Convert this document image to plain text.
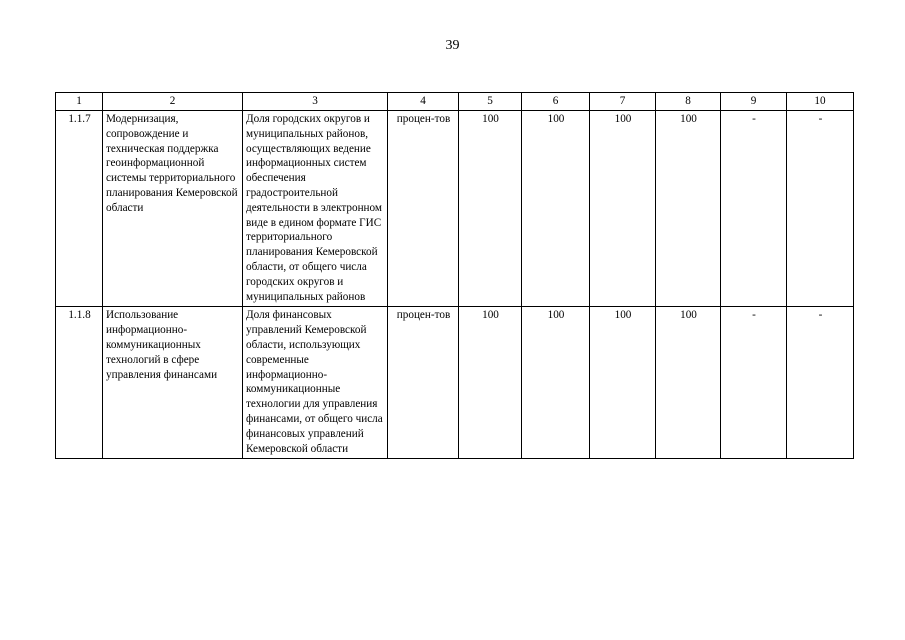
39
1	2	3	4	5	6	7	8	9	10
1.1.7	Модернизация, сопровождение и техническая поддержка геоинформационной системы территориального планирования Кемеровской области	Доля городских округов и муниципальных районов, осуществляющих ведение информационных систем обеспечения градостроительной деятельности в электронном виде в едином формате ГИС территориального планирования Кемеровской области, от общего числа городских округов и муниципальных районов	процен-тов	100	100	100	100	-	-
1.1.8	Использование информационно-коммуникационных технологий в сфере управления финансами	Доля финансовых управлений Кемеровской области, использующих современные информационно-коммуникационные технологии для управления финансами, от общего числа финансовых управлений Кемеровской области	процен-тов	100	100	100	100	-	-
